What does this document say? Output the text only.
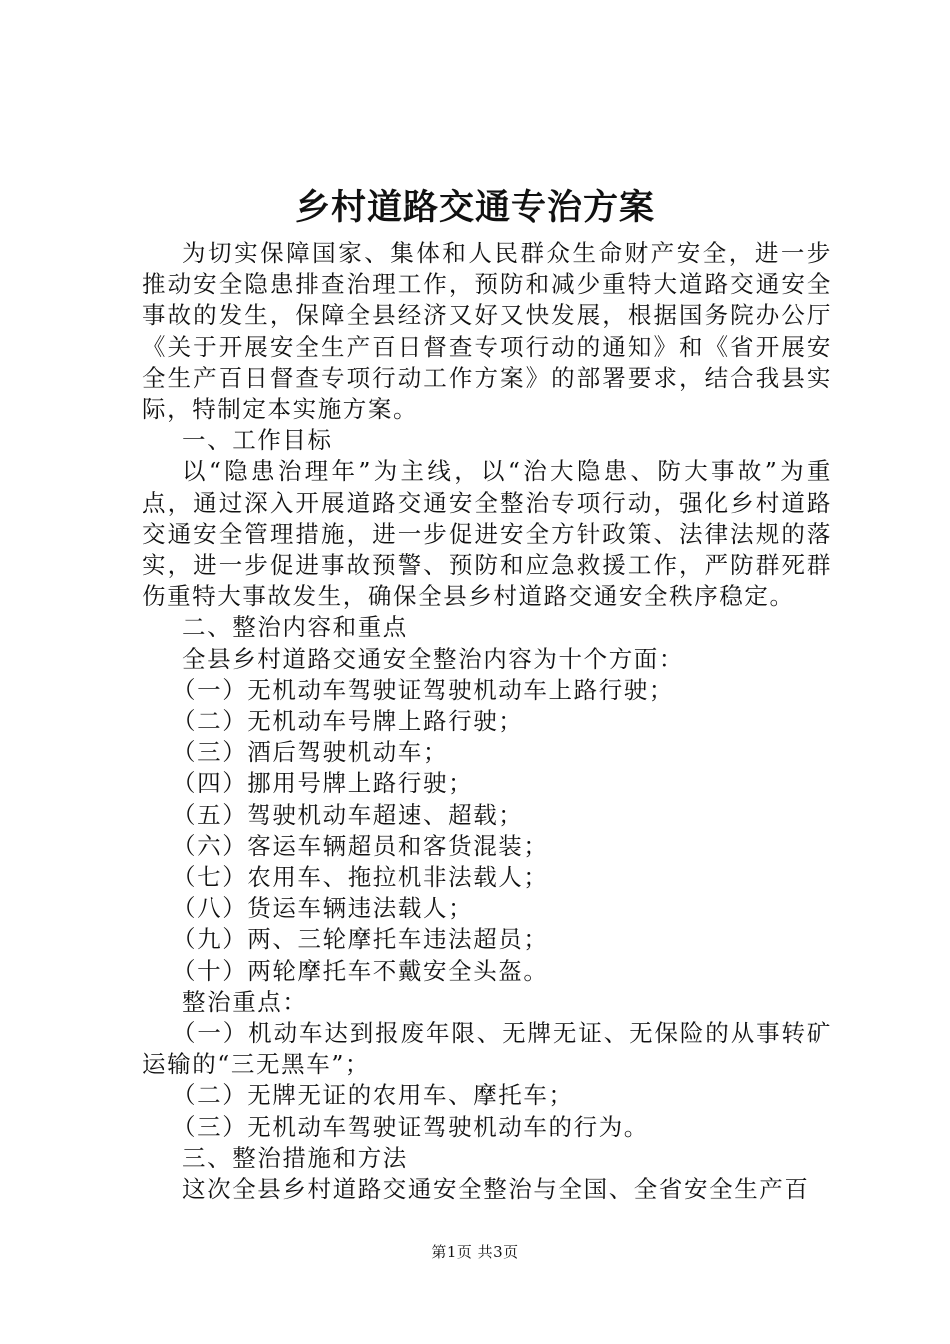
乡村道路交通专治方案

为切实保障国家、集体和人民群众生命财产安全，进一步推动安全隐患排查治理工作，预防和减少重特大道路交通安全事故的发生，保障全县经济又好又快发展，根据国务院办公厅《关于开展安全生产百日督查专项行动的通知》和《省开展安全生产百日督查专项行动工作方案》的部署要求，结合我县实际，特制定本实施方案。

一、工作目标

以“隐患治理年”为主线，以“治大隐患、防大事故”为重点，通过深入开展道路交通安全整治专项行动，强化乡村道路交通安全管理措施，进一步促进安全方针政策、法律法规的落实，进一步促进事故预警、预防和应急救援工作，严防群死群伤重特大事故发生，确保全县乡村道路交通安全秩序稳定。

二、整治内容和重点

全县乡村道路交通安全整治内容为十个方面：

（一）无机动车驾驶证驾驶机动车上路行驶；

（二）无机动车号牌上路行驶；

（三）酒后驾驶机动车；

（四）挪用号牌上路行驶；

（五）驾驶机动车超速、超载；

（六）客运车辆超员和客货混装；

（七）农用车、拖拉机非法载人；

（八）货运车辆违法载人；

（九）两、三轮摩托车违法超员；

（十）两轮摩托车不戴安全头盔。

整治重点：

（一）机动车达到报废年限、无牌无证、无保险的从事转矿运输的“三无黑车”；

（二）无牌无证的农用车、摩托车；

（三）无机动车驾驶证驾驶机动车的行为。

三、整治措施和方法

这次全县乡村道路交通安全整治与全国、全省安全生产百

第1页 共3页
